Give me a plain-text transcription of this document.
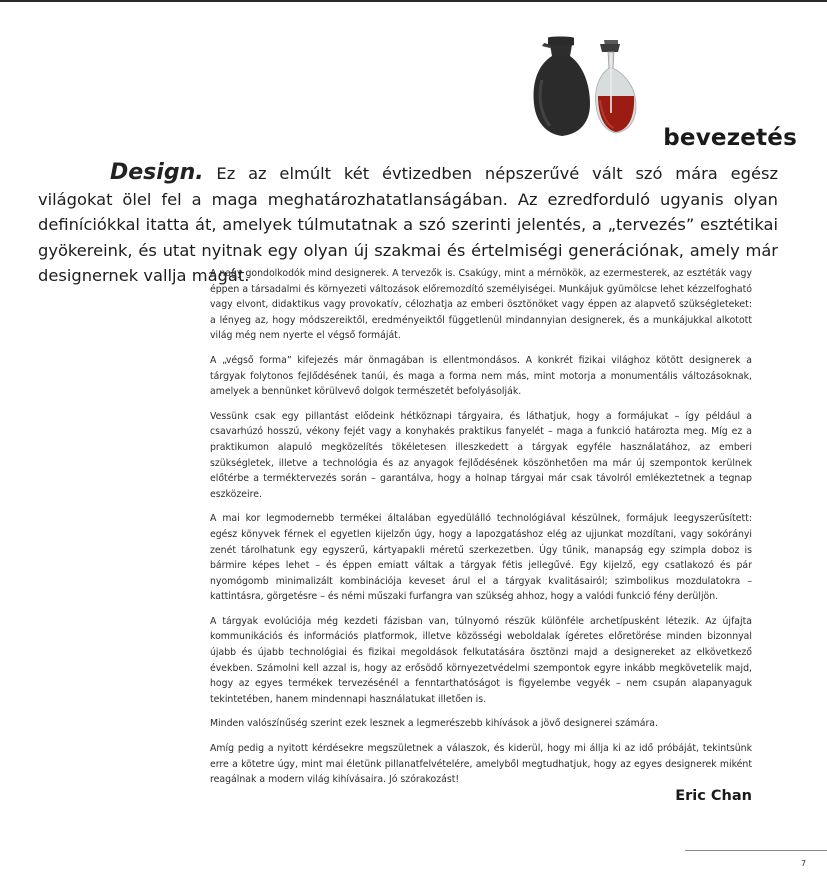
bevezetés

Design. Ez az elmúlt két évtizedben népszerűvé vált szó mára egész világokat ölel fel a maga meghatározhatatlanságában. Az ezredforduló ugyanis olyan definíciókkal itatta át, amelyek túlmutatnak a szó szerinti jelentés, a „tervezés” esztétikai gyökereink, és utat nyitnak egy olyan új szakmai és értelmiségi generációnak, amely már designernek vallja magát.

A nagy gondolkodók mind designerek. A tervezők is. Csakúgy, mint a mérnökök, az ezermesterek, az esztéták vagy éppen a társadalmi és környezeti változások előremozdító személyiségei. Munkájuk gyümölcse lehet kézzelfogható vagy elvont, didaktikus vagy provokatív, célozhatja az emberi ösztönöket vagy éppen az alapvető szükségleteket: a lényeg az, hogy módszereiktől, eredményeiktől függetlenül mindannyian designerek, és a munkájukkal alkotott világ még nem nyerte el végső formáját.

A „végső forma” kifejezés már önmagában is ellentmondásos. A konkrét fizikai világhoz kötött designerek a tárgyak folytonos fejlődésének tanúi, és maga a forma nem más, mint motorja a monumentális változásoknak, amelyek a bennünket körülvevő dolgok természetét befolyásolják.

Vessünk csak egy pillantást elődeink hétköznapi tárgyaira, és láthatjuk, hogy a formájukat – így például a csavarhúzó hosszú, vékony fejét vagy a konyhakés praktikus fanyelét – maga a funkció határozta meg. Míg ez a praktikumon alapuló megközelítés tökéletesen illeszkedett a tárgyak egyféle használatához, az emberi szükségletek, illetve a technológia és az anyagok fejlődésének köszönhetően ma már új szempontok kerülnek előtérbe a terméktervezés során – garantálva, hogy a holnap tárgyai már csak távolról emlékeztetnek a tegnap eszközeire.

A mai kor legmodernebb termékei általában egyedülálló technológiával készülnek, formájuk leegyszerűsített: egész könyvek férnek el egyetlen kijelzőn úgy, hogy a lapozgatáshoz elég az ujjunkat mozdítani, vagy sokórányi zenét tárolhatunk egy egyszerű, kártyapakli méretű szerkezetben. Úgy tűnik, manapság egy szimpla doboz is bármire képes lehet – és éppen emiatt váltak a tárgyak fétis jellegűvé. Egy kijelző, egy csatlakozó és pár nyomógomb minimalizált kombinációja keveset árul el a tárgyak kvalitásairól; szimbolikus mozdulatokra – kattintásra, görgetésre – és némi műszaki furfangra van szükség ahhoz, hogy a valódi funkció fény derüljön.

A tárgyak evolúciója még kezdeti fázisban van, túlnyomó részük különféle archetípusként létezik. Az újfajta kommunikációs és információs platformok, illetve közösségi weboldalak ígéretes előretörése minden bizonnyal újabb és újabb technológiai és fizikai megoldások felkutatására ösztönzi majd a designereket az elkövetkező években. Számolni kell azzal is, hogy az erősödő környezetvédelmi szempontok egyre inkább megkövetelik majd, hogy az egyes termékek tervezésénél a fenntarthatóságot is figyelembe vegyék – nem csupán alapanyaguk tekintetében, hanem mindennapi használatukat illetően is.

Minden valószínűség szerint ezek lesznek a legmerészebb kihívások a jövő designerei számára.

Amíg pedig a nyitott kérdésekre megszületnek a válaszok, és kiderül, hogy mi állja ki az idő próbáját, tekintsünk erre a kötetre úgy, mint mai életünk pillanatfelvételére, amelyből megtudhatjuk, hogy az egyes designerek miként reagálnak a modern világ kihívásaira. Jó szórakozást!

Eric Chan
7
